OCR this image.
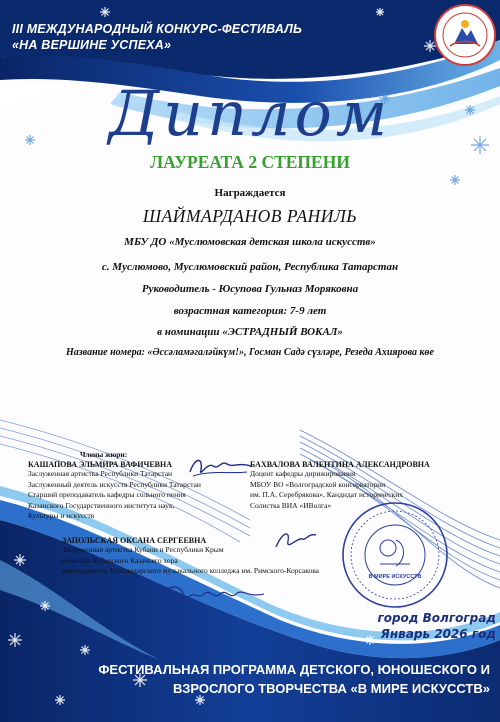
III МЕЖДУНАРОДНЫЙ КОНКУРС-ФЕСТИВАЛЬ
«НА ВЕРШИНЕ УСПЕХА»
Диплом
ЛАУРЕАТА 2 СТЕПЕНИ
Награждается
ШАЙМАРДАНОВ РАНИЛЬ
МБУ ДО «Муслюмовская детская школа искусств»
с. Муслюмово, Муслюмовский район, Республика Татарстан
Руководитель - Юсупова Гульназ Моряковна
возрастная категория: 7-9 лет
в номинации «ЭСТРАДНЫЙ ВОКАЛ»
Название номера: «Әссәламәгаләйкүм!», Госман Садә сүзләре, Резеда Ахиярова көе
Члены жюри:
КАШАПОВА ЭЛЬМИРА ВАФИЧЕВНА
Заслуженная артистка Республики Татарстан
Заслуженный деятель искусств Республики Татарстан
Старший преподаватель кафедры сольного пения
Казанского Государственного института наук,
Культуры и искусств
БАХВАЛОВА ВАЛЕНТИНА АЛЕКСАНДРОВНА
Доцент кафедры дирижирования
МБОУ ВО «Волгоградской консерватории
им. П.А. Серебрякова», Кандидат исторических
Солистка ВИА «ИВолга»
ЗАПОЛЬСКАЯ ОКСАНА СЕРГЕЕВНА
Заслуженная артистка Кубани и Республики Крым
солистка Кубанского Казачьего хора
преподаватель Краснодарского музыкального колледжа им. Римского-Корсакова
В МИРЕ ИСКУССТВ
город Волгоград
Январь 2026 год
ФЕСТИВАЛЬНАЯ ПРОГРАММА ДЕТСКОГО, ЮНОШЕСКОГО И
ВЗРОСЛОГО ТВОРЧЕСТВА «В МИРЕ ИСКУССТВ»
